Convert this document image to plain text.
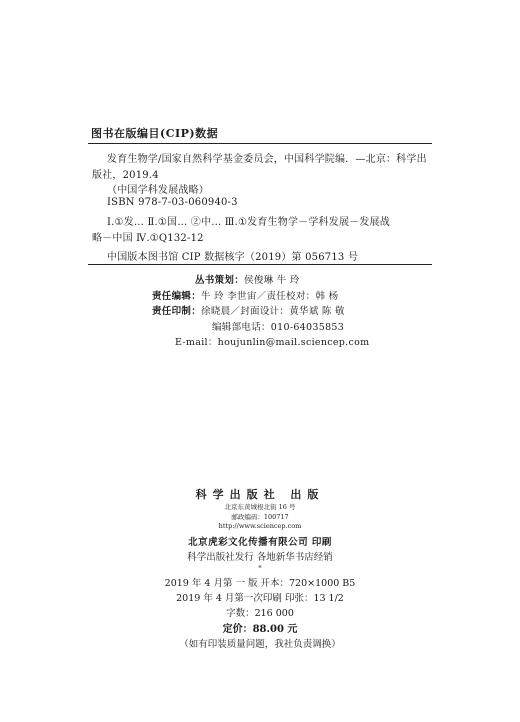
图书在版编目(CIP)数据
发育生物学/国家自然科学基金委员会，中国科学院编．—北京：科学出
版社，2019.4
（中国学科发展战略）
ISBN 978-7-03-060940-3
Ⅰ.①发… Ⅱ.①国… ②中… Ⅲ.①发育生物学－学科发展－发展战
略－中国 Ⅳ.①Q132-12
中国版本图书馆 CIP 数据核字（2019）第 056713 号
丛书策划：侯俊琳 牛 玲
责任编辑：牛 玲 李世宙／责任校对：韩 杨
责任印制：徐晓晨／封面设计：黄华斌 陈 敬
编辑部电话：010-64035853
E-mail：houjunlin@mail.sciencep.com
科学出版社 出版
北京东黄城根北街 16 号
邮政编码：100717
http://www.sciencep.com
北京虎彩文化传播有限公司 印刷
科学出版社发行 各地新华书店经销
*
2019 年 4 月第 一 版 开本：720×1000 B5
2019 年 4 月第一次印刷 印张：13 1/2
字数：216 000
定价：88.00 元
（如有印装质量问题，我社负责调换）
